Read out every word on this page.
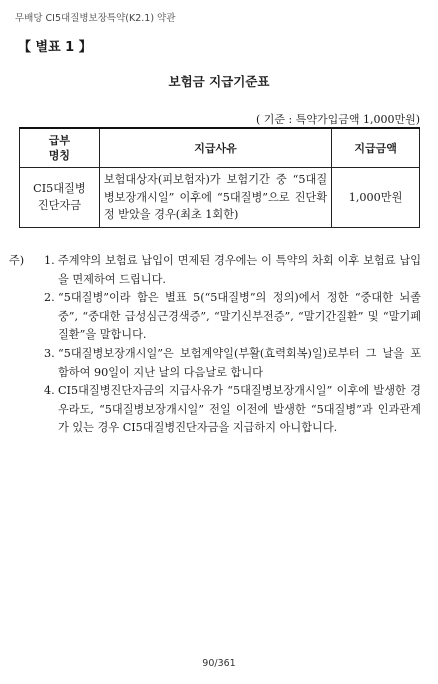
무배당 CI5대질병보장특약(K2.1) 약관
【 별표 1 】
보험금 지급기준표
( 기준 : 특약가입금액 1,000만원)
급부
명칭	지급사유	지급금액
CI5대질병
진단자금	보험대상자(피보험자)가 보험기간 중 “5대질병보장개시일” 이후에 “5대질병”으로 진단확정 받았을 경우(최초 1회한)	1,000만원
주) 1. 주계약의 보험료 납입이 면제된 경우에는 이 특약의 차회 이후 보험료 납입을 면제하여 드립니다.
2. “5대질병”이라 함은 별표 5(“5대질병”의 정의)에서 정한 “중대한 뇌졸중”, “중대한 급성심근경색증”, “말기신부전증”, “말기간질환” 및 “말기폐질환”을 말합니다.
3. “5대질병보장개시일”은 보험계약일(부활(효력회복)일)로부터 그 날을 포함하여 90일이 지난 날의 다음날로 합니다
4. CI5대질병진단자금의 지급사유가 “5대질병보장개시일” 이후에 발생한 경우라도, “5대질병보장개시일” 전일 이전에 발생한 “5대질병”과 인과관계가 있는 경우 CI5대질병진단자금을 지급하지 아니합니다.
90/361
